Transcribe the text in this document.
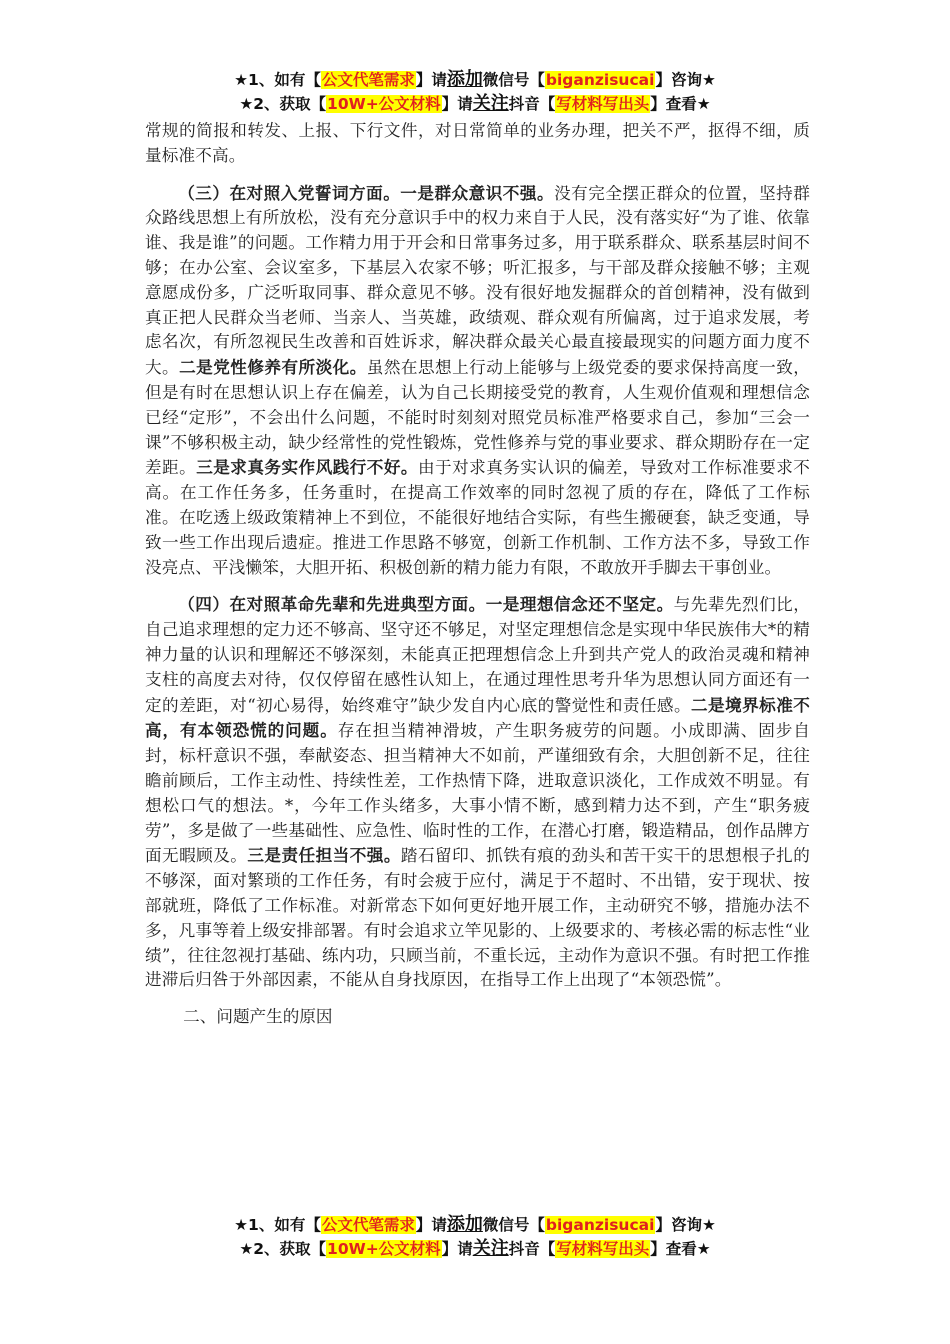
★1、如有【公文代笔需求】请添加微信号【biganzisucai】咨询★
★2、获取【10W+公文材料】请关注抖音【写材料写出头】查看★

常规的简报和转发、上报、下行文件，对日常简单的业务办理，把关不严，抠得不细，质量标准不高。

（三）在对照入党誓词方面。一是群众意识不强。没有完全摆正群众的位置，坚持群众路线思想上有所放松，没有充分意识手中的权力来自于人民，没有落实好“为了谁、依靠谁、我是谁”的问题。工作精力用于开会和日常事务过多，用于联系群众、联系基层时间不够；在办公室、会议室多，下基层入农家不够；听汇报多，与干部及群众接触不够；主观意愿成份多，广泛听取同事、群众意见不够。没有很好地发掘群众的首创精神，没有做到真正把人民群众当老师、当亲人、当英雄，政绩观、群众观有所偏离，过于追求发展，考虑名次，有所忽视民生改善和百姓诉求，解决群众最关心最直接最现实的问题方面力度不大。二是党性修养有所淡化。虽然在思想上行动上能够与上级党委的要求保持高度一致，但是有时在思想认识上存在偏差，认为自己长期接受党的教育，人生观价值观和理想信念已经“定形”，不会出什么问题，不能时时刻刻对照党员标准严格要求自己，参加“三会一课”不够积极主动，缺少经常性的党性锻炼，党性修养与党的事业要求、群众期盼存在一定差距。三是求真务实作风践行不好。由于对求真务实认识的偏差，导致对工作标准要求不高。在工作任务多，任务重时，在提高工作效率的同时忽视了质的存在，降低了工作标准。在吃透上级政策精神上不到位，不能很好地结合实际，有些生搬硬套，缺乏变通，导致一些工作出现后遗症。推进工作思路不够宽，创新工作机制、工作方法不多，导致工作没亮点、平浅懒笨，大胆开拓、积极创新的精力能力有限，不敢放开手脚去干事创业。

（四）在对照革命先辈和先进典型方面。一是理想信念还不坚定。与先辈先烈们比，自己追求理想的定力还不够高、坚守还不够足，对坚定理想信念是实现中华民族伟大*的精神力量的认识和理解还不够深刻，未能真正把理想信念上升到共产党人的政治灵魂和精神支柱的高度去对待，仅仅停留在感性认知上，在通过理性思考升华为思想认同方面还有一定的差距，对“初心易得，始终难守”缺少发自内心底的警觉性和责任感。二是境界标准不高，有本领恐慌的问题。存在担当精神滑坡，产生职务疲劳的问题。小成即满、固步自封，标杆意识不强，奉献姿态、担当精神大不如前，严谨细致有余，大胆创新不足，往往瞻前顾后，工作主动性、持续性差，工作热情下降，进取意识淡化，工作成效不明显。有想松口气的想法。*，今年工作头绪多，大事小情不断，感到精力达不到，产生“职务疲劳”，多是做了一些基础性、应急性、临时性的工作，在潜心打磨，锻造精品，创作品牌方面无暇顾及。三是责任担当不强。踏石留印、抓铁有痕的劲头和苦干实干的思想根子扎的不够深，面对繁琐的工作任务，有时会疲于应付，满足于不超时、不出错，安于现状、按部就班，降低了工作标准。对新常态下如何更好地开展工作，主动研究不够，措施办法不多，凡事等着上级安排部署。有时会追求立竿见影的、上级要求的、考核必需的标志性“业绩”，往往忽视打基础、练内功，只顾当前，不重长远，主动作为意识不强。有时把工作推进滞后归咎于外部因素，不能从自身找原因，在指导工作上出现了“本领恐慌”。

二、问题产生的原因

★1、如有【公文代笔需求】请添加微信号【biganzisucai】咨询★
★2、获取【10W+公文材料】请关注抖音【写材料写出头】查看★
